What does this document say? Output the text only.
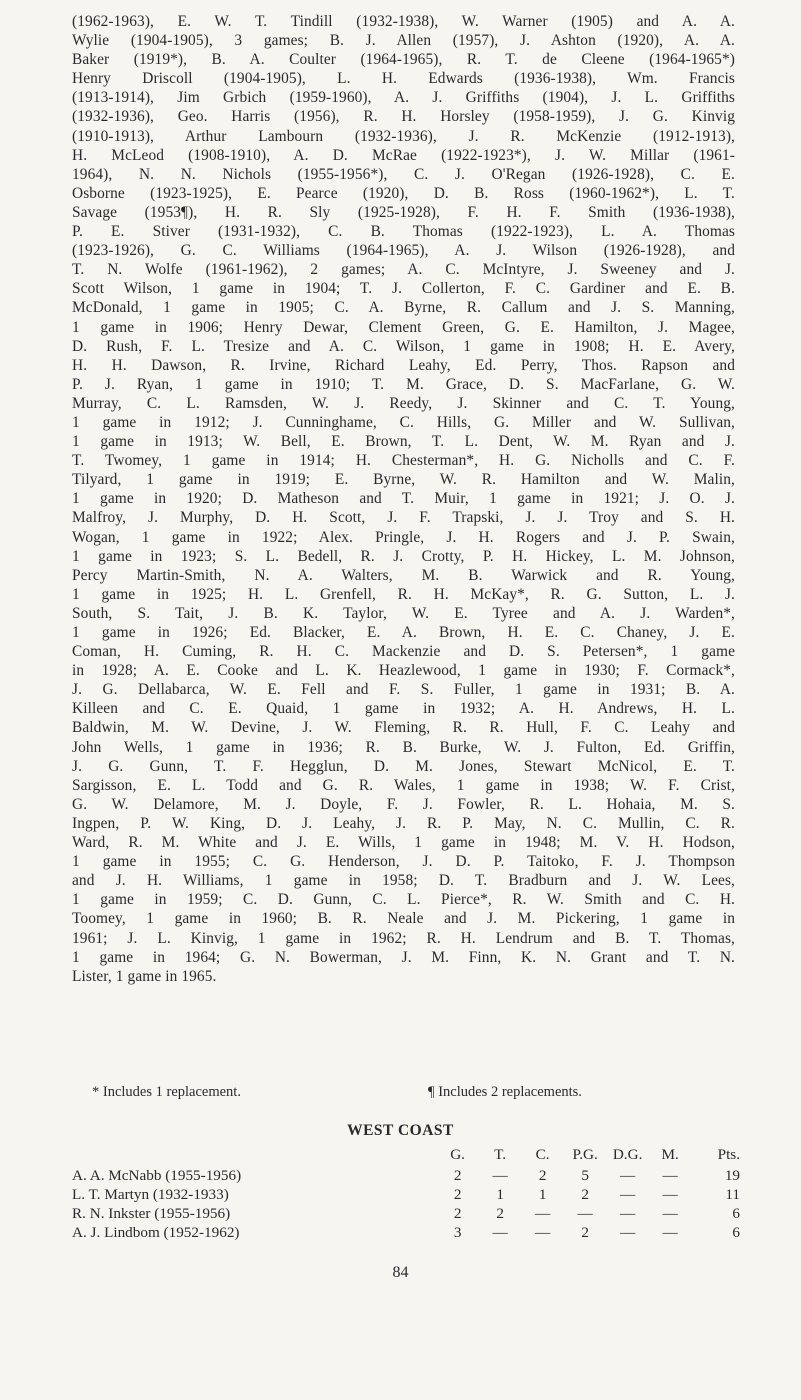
(1962-1963), E. W. T. Tindill (1932-1938), W. Warner (1905) and A. A.
Wylie (1904-1905), 3 games; B. J. Allen (1957), J. Ashton (1920), A. A.
Baker (1919*), B. A. Coulter (1964-1965), R. T. de Cleene (1964-1965*)
Henry Driscoll (1904-1905), L. H. Edwards (1936-1938), Wm. Francis
(1913-1914), Jim Grbich (1959-1960), A. J. Griffiths (1904), J. L. Griffiths
(1932-1936), Geo. Harris (1956), R. H. Horsley (1958-1959), J. G. Kinvig
(1910-1913), Arthur Lambourn (1932-1936), J. R. McKenzie (1912-1913),
H. McLeod (1908-1910), A. D. McRae (1922-1923*), J. W. Millar (1961-
1964), N. N. Nichols (1955-1956*), C. J. O'Regan (1926-1928), C. E.
Osborne (1923-1925), E. Pearce (1920), D. B. Ross (1960-1962*), L. T.
Savage (1953¶), H. R. Sly (1925-1928), F. H. F. Smith (1936-1938),
P. E. Stiver (1931-1932), C. B. Thomas (1922-1923), L. A. Thomas
(1923-1926), G. C. Williams (1964-1965), A. J. Wilson (1926-1928), and
T. N. Wolfe (1961-1962), 2 games; A. C. McIntyre, J. Sweeney and J.
Scott Wilson, 1 game in 1904; T. J. Collerton, F. C. Gardiner and E. B.
McDonald, 1 game in 1905; C. A. Byrne, R. Callum and J. S. Manning,
1 game in 1906; Henry Dewar, Clement Green, G. E. Hamilton, J. Magee,
D. Rush, F. L. Tresize and A. C. Wilson, 1 game in 1908; H. E. Avery,
H. H. Dawson, R. Irvine, Richard Leahy, Ed. Perry, Thos. Rapson and
P. J. Ryan, 1 game in 1910; T. M. Grace, D. S. MacFarlane, G. W.
Murray, C. L. Ramsden, W. J. Reedy, J. Skinner and C. T. Young,
1 game in 1912; J. Cunninghame, C. Hills, G. Miller and W. Sullivan,
1 game in 1913; W. Bell, E. Brown, T. L. Dent, W. M. Ryan and J.
T. Twomey, 1 game in 1914; H. Chesterman*, H. G. Nicholls and C. F.
Tilyard, 1 game in 1919; E. Byrne, W. R. Hamilton and W. Malin,
1 game in 1920; D. Matheson and T. Muir, 1 game in 1921; J. O. J.
Malfroy, J. Murphy, D. H. Scott, J. F. Trapski, J. J. Troy and S. H.
Wogan, 1 game in 1922; Alex. Pringle, J. H. Rogers and J. P. Swain,
1 game in 1923; S. L. Bedell, R. J. Crotty, P. H. Hickey, L. M. Johnson,
Percy Martin-Smith, N. A. Walters, M. B. Warwick and R. Young,
1 game in 1925; H. L. Grenfell, R. H. McKay*, R. G. Sutton, L. J.
South, S. Tait, J. B. K. Taylor, W. E. Tyree and A. J. Warden*,
1 game in 1926; Ed. Blacker, E. A. Brown, H. E. C. Chaney, J. E.
Coman, H. Cuming, R. H. C. Mackenzie and D. S. Petersen*, 1 game
in 1928; A. E. Cooke and L. K. Heazlewood, 1 game in 1930; F. Cormack*,
J. G. Dellabarca, W. E. Fell and F. S. Fuller, 1 game in 1931; B. A.
Killeen and C. E. Quaid, 1 game in 1932; A. H. Andrews, H. L.
Baldwin, M. W. Devine, J. W. Fleming, R. R. Hull, F. C. Leahy and
John Wells, 1 game in 1936; R. B. Burke, W. J. Fulton, Ed. Griffin,
J. G. Gunn, T. F. Hegglun, D. M. Jones, Stewart McNicol, E. T.
Sargisson, E. L. Todd and G. R. Wales, 1 game in 1938; W. F. Crist,
G. W. Delamore, M. J. Doyle, F. J. Fowler, R. L. Hohaia, M. S.
Ingpen, P. W. King, D. J. Leahy, J. R. P. May, N. C. Mullin, C. R.
Ward, R. M. White and J. E. Wills, 1 game in 1948; M. V. H. Hodson,
1 game in 1955; C. G. Henderson, J. D. P. Taitoko, F. J. Thompson
and J. H. Williams, 1 game in 1958; D. T. Bradburn and J. W. Lees,
1 game in 1959; C. D. Gunn, C. L. Pierce*, R. W. Smith and C. H.
Toomey, 1 game in 1960; B. R. Neale and J. M. Pickering, 1 game in
1961; J. L. Kinvig, 1 game in 1962; R. H. Lendrum and B. T. Thomas,
1 game in 1964; G. N. Bowerman, J. M. Finn, K. N. Grant and T. N.
Lister, 1 game in 1965.
* Includes 1 replacement.	¶ Includes 2 replacements.
WEST COAST
	G.	T.	C.	P.G.	D.G.	M.	Pts.
A. A. McNabb (1955-1956)	2	—	2	5	—	—	19
L. T. Martyn (1932-1933)	2	1	1	2	—	—	11
R. N. Inkster (1955-1956)	2	2	—	—	—	—	6
A. J. Lindbom (1952-1962)	3	—	—	2	—	—	6
84
